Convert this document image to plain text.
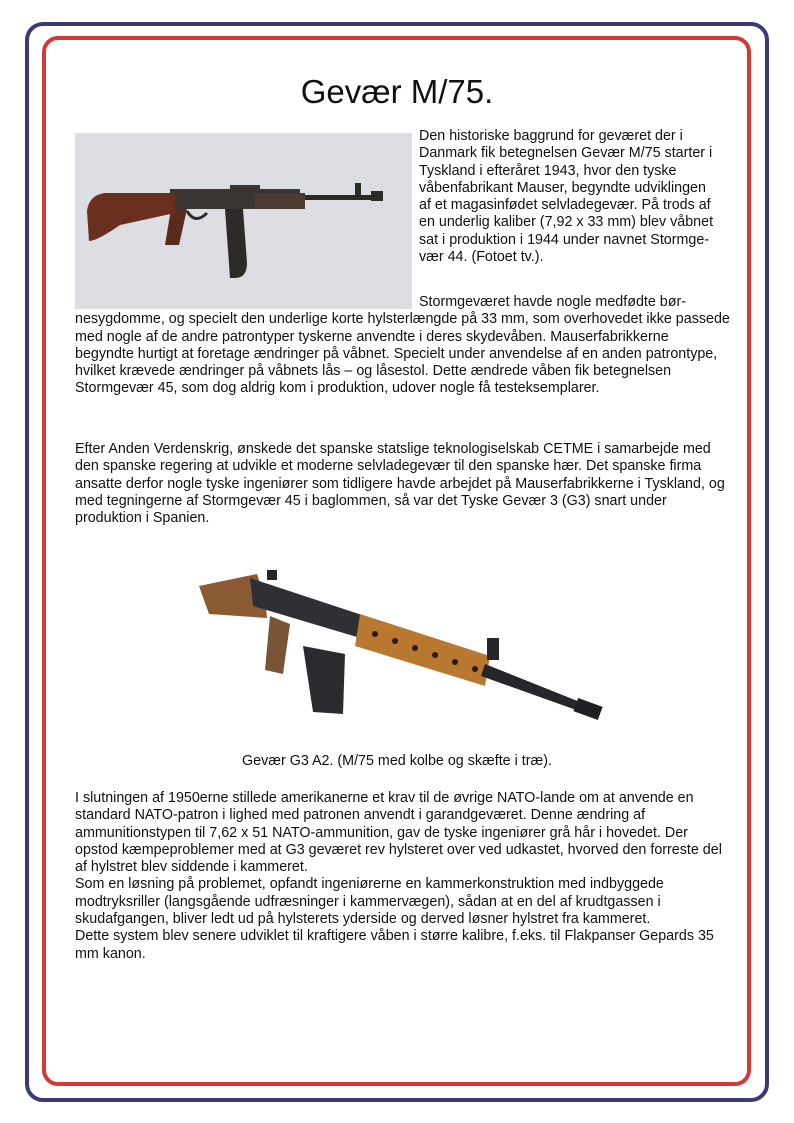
Gevær M/75.

Den historiske baggrund for geværet der i Danmark fik betegnelsen Gevær M/75 starter i Tyskland i efteråret 1943, hvor den tyske våbenfabrikant Mauser, begyndte udviklingen af et magasinfødet selvladegevær. På trods af en underlig kaliber (7,92 x 33 mm) blev våbnet sat i produktion i 1944 under navnet Stormgevær 44. (Fotoet tv.).

Stormgeværet havde nogle medfødte bør-
nesygdomme, og specielt den underlige korte hylsterlængde på 33 mm, som overhovedet ikke passede med nogle af de andre patrontyper tyskerne anvendte i deres skydevåben. Mauserfabrikkerne begyndte hurtigt at foretage ændringer på våbnet. Specielt under anvendelse af en anden patrontype, hvilket krævede ændringer på våbnets lås – og låsestol. Dette ændrede våben fik betegnelsen Stormgevær 45, som dog aldrig kom i produktion, udover nogle få testeksemplarer.

Efter Anden Verdenskrig, ønskede det spanske statslige teknologiselskab CETME i samarbejde med den spanske regering at udvikle et moderne selvladegevær til den spanske hær. Det spanske firma ansatte derfor nogle tyske ingeniører som tidligere havde arbejdet på Mauserfabrikkerne i Tyskland, og med tegningerne af Stormgevær 45 i baglommen, så var det Tyske Gevær 3 (G3) snart under produktion i Spanien.

Gevær G3 A2. (M/75 med kolbe og skæfte i træ).

I slutningen af 1950erne stillede amerikanerne et krav til de øvrige NATO-lande om at anvende en standard NATO-patron i lighed med patronen anvendt i garandgeværet. Denne ændring af ammunitionstypen til 7,62 x 51 NATO-ammunition, gav de tyske ingeniører grå hår i hovedet. Der opstod kæmpeproblemer med at G3 geværet rev hylsteret over ved udkastet, hvorved den forreste del af hylstret blev siddende i kammeret.

Som en løsning på problemet, opfandt ingeniørerne en kammerkonstruktion med indbyggede modtryksriller (langsgående udfræsninger i kammervægen), sådan at en del af krudtgassen i skudafgangen, bliver ledt ud på hylsterets yderside og derved løsner hylstret fra kammeret.

Dette system blev senere udviklet til kraftigere våben i større kalibre, f.eks. til Flakpanser Gepards 35 mm kanon.
